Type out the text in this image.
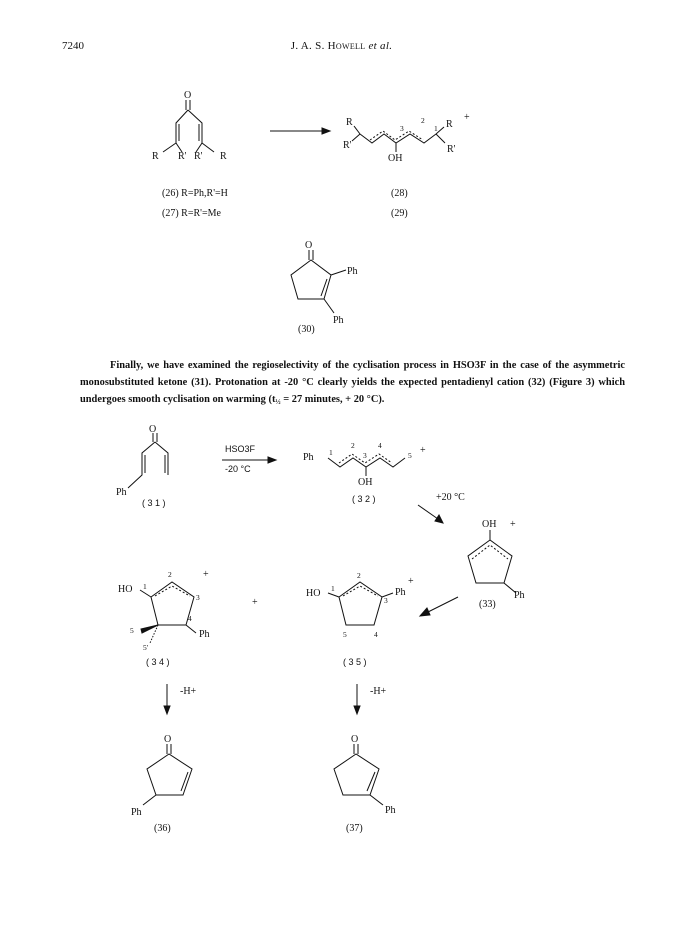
7240	J. A. S. Howell et al.

Finally, we have examined the regioselectivity of the cyclisation process in HSO3F in the case of the asymmetric monosubstituted ketone (31). Protonation at -20 °C clearly yields the expected pentadienyl cation (32) (Figure 3) which undergoes smooth cyclisation on warming (t½ = 27 minutes, + 20 °C).

O
R R' R' R
R
R'
R
R'
OH
+
3
2
1
(26) R=Ph,R'=H
(27) R=R'=Me
(28)
(29)
O
Ph
Ph
(30)
O
Ph
( 3 1 )
HSO3F
-20 °C
Ph
OH
+
1
2
3
4
5
( 3 2 )	+20 °C
OH +
Ph
(33)
HO
Ph
+
1
2
3
4
5
5'
( 3 4 )
+
HO	Ph
+
1
2
3
4
5
( 3 5 )
-H+	-H+
O
Ph
(36)
O
Ph
(37)
